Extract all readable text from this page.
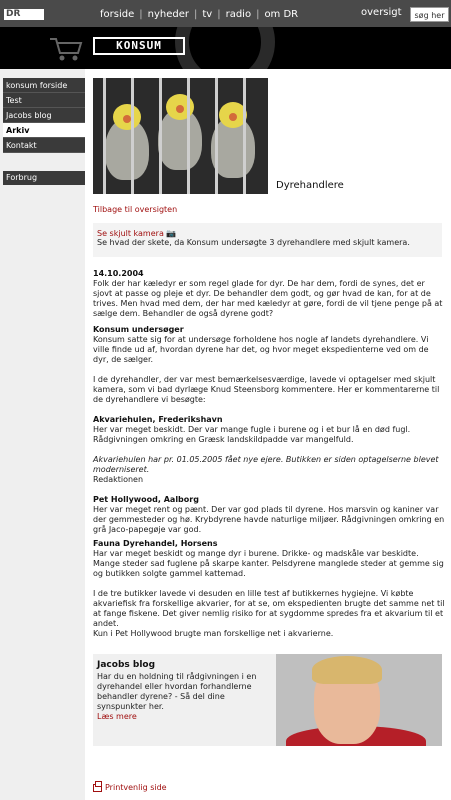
DR	forside | nyheder | tv | radio | om DR	oversigt	søg her
KONSUM
konsum forside
Test
Jacobs blog
Arkiv
Kontakt
Forbrug
Dyrehandlere
Tilbage til oversigten
Se skjult kamera 📷
Se hvad der skete, da Konsum undersøgte 3 dyrehandlere med skjult kamera.
14.10.2004
Folk der har kæledyr er som regel glade for dyr. De har dem, fordi de synes, det er sjovt at passe og pleje et dyr. De behandler dem godt, og gør hvad de kan, for at de trives. Men hvad med dem, der har med kæledyr at gøre, fordi de vil tjene penge på at sælge dem. Behandler de også dyrene godt?
Konsum undersøger
Konsum satte sig for at undersøge forholdene hos nogle af landets dyrehandlere. Vi ville finde ud af, hvordan dyrene har det, og hvor meget ekspedienterne ved om de dyr, de sælger.
I de dyrehandler, der var mest bemærkelsesværdige, lavede vi optagelser med skjult kamera, som vi bad dyrlæge Knud Steensborg kommentere. Her er kommentarerne til de dyrehandlere vi besøgte:
Akvariehulen, Frederikshavn
Her var meget beskidt. Der var mange fugle i burene og i et bur lå en død fugl. Rådgivningen omkring en Græsk landskildpadde var mangelfuld.
Akvariehulen har pr. 01.05.2005 fået nye ejere. Butikken er siden optagelserne blevet moderniseret.
Redaktionen
Pet Hollywood, Aalborg
Her var meget rent og pænt. Der var god plads til dyrene. Hos marsvin og kaniner var der gemmesteder og hø. Krybdyrene havde naturlige miljøer. Rådgivningen omkring en grå Jaco-papegøje var god.
Fauna Dyrehandel, Horsens
Har var meget beskidt og mange dyr i burene. Drikke- og madskåle var beskidte. Mange steder sad fuglene på skarpe kanter. Pelsdyrene manglede steder at gemme sig og butikken solgte gammel kattemad.
I de tre butikker lavede vi desuden en lille test af butikkernes hygiejne. Vi købte akvariefisk fra forskellige akvarier, for at se, om ekspedienten brugte det samme net til at fange fiskene. Det giver nemlig risiko for at sygdomme spredes fra et akvarium til et andet.
Kun i Pet Hollywood brugte man forskellige net i akvarierne.
Jacobs blog
Har du en holdning til rådgivningen i en dyrehandel eller hvordan forhandlerne behandler dyrene? - Så del dine synspunkter her.
Læs mere
Printvenlig side
